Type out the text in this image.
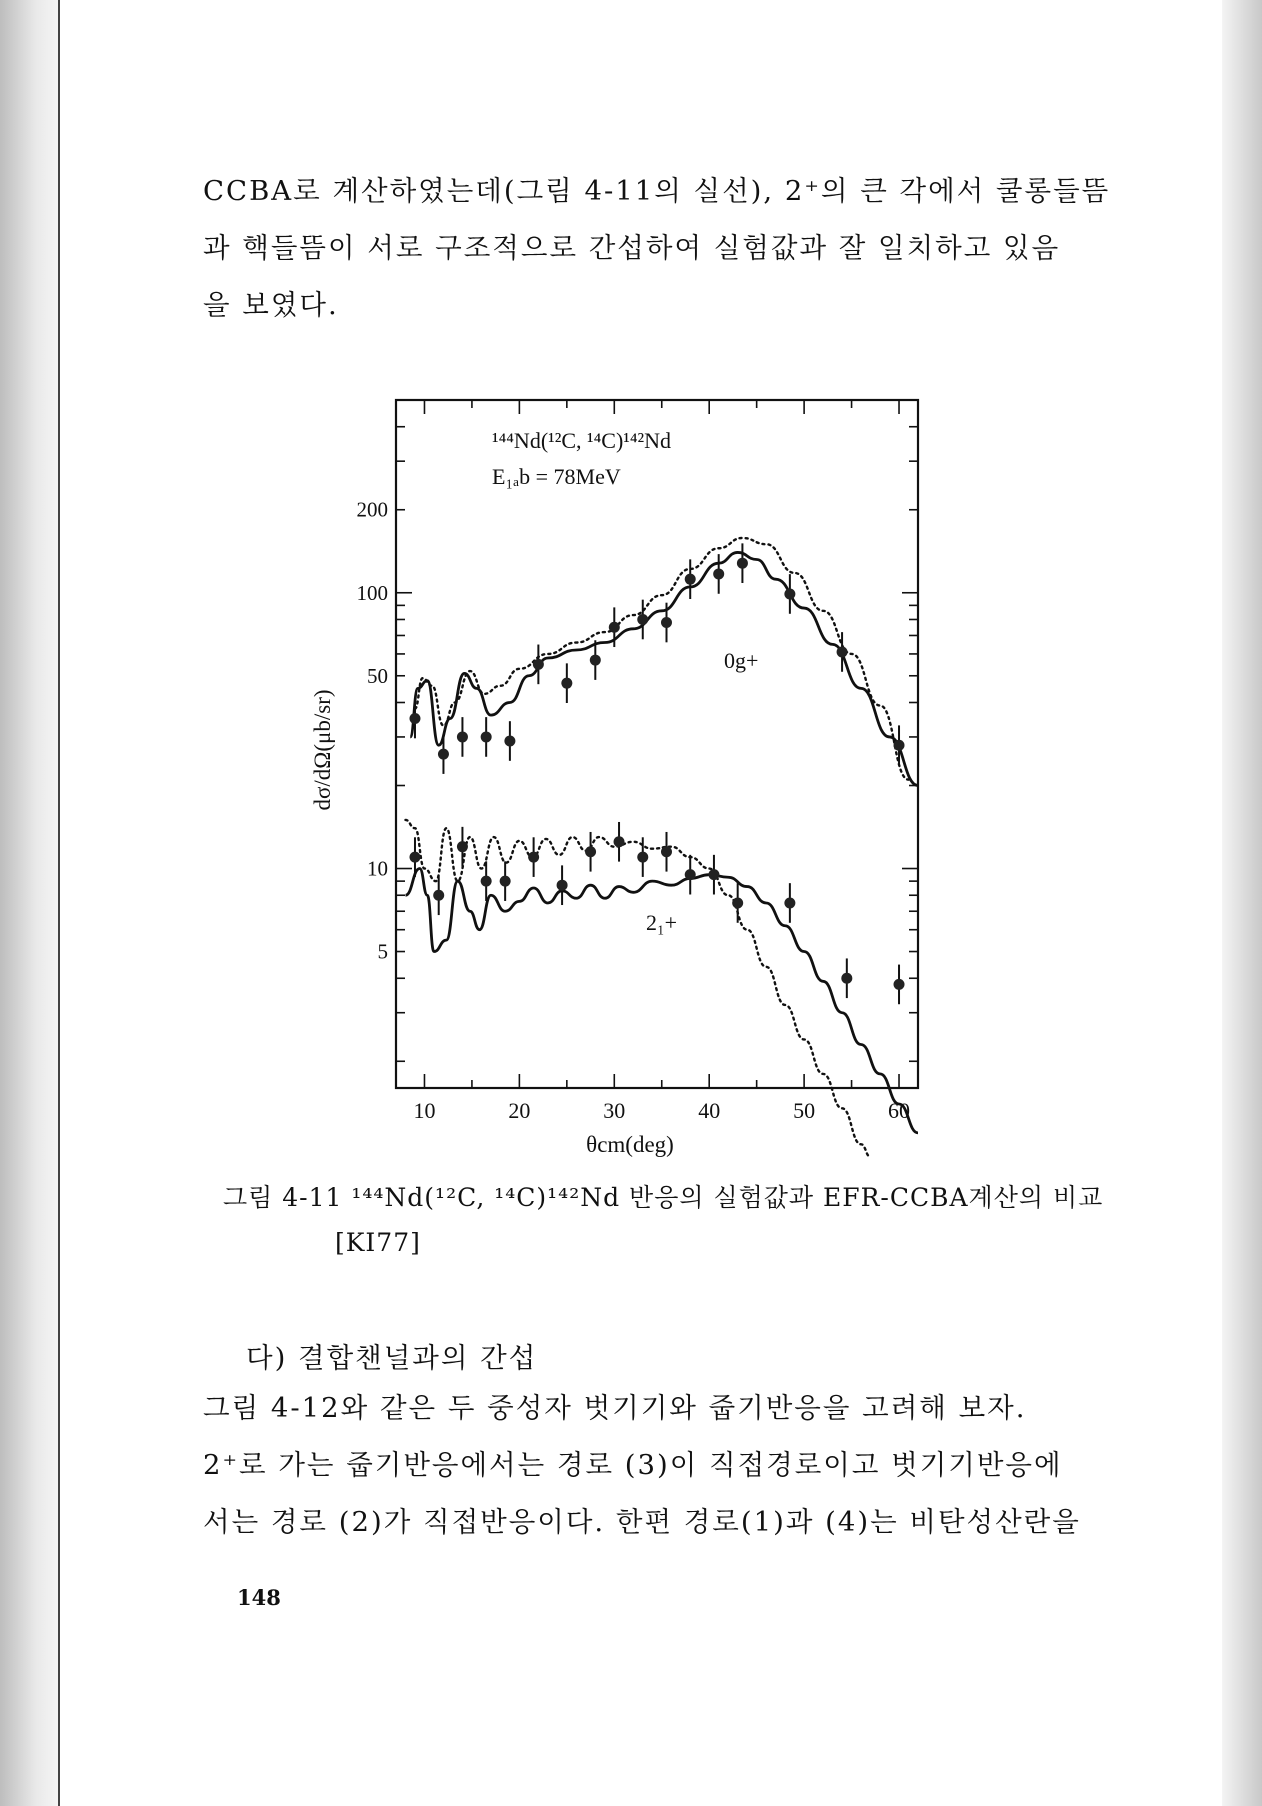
CCBA로 계산하였는데(그림 4-11의 실선), 2⁺의 큰 각에서 쿨롱들뜸
과 핵들뜸이 서로 구조적으로 간섭하여 실험값과 잘 일치하고 있음
을 보였다.
10	20	30	40	50	60
5
10
50
100
200
¹⁴⁴Nd(¹²C, ¹⁴C)¹⁴²Nd
E₁ₐb = 78MeV
0g+
2₁+
θcm(deg)
dσ/dΩ(μb/sr)
그림 4-11 ¹⁴⁴Nd(¹²C, ¹⁴C)¹⁴²Nd 반응의 실험값과 EFR-CCBA계산의 비교
[KI77]
다) 결합챈널과의 간섭
그림 4-12와 같은 두 중성자 벗기기와 줍기반응을 고려해 보자.
2⁺로 가는 줍기반응에서는 경로 (3)이 직접경로이고 벗기기반응에
서는 경로 (2)가 직접반응이다. 한편 경로(1)과 (4)는 비탄성산란을
148
